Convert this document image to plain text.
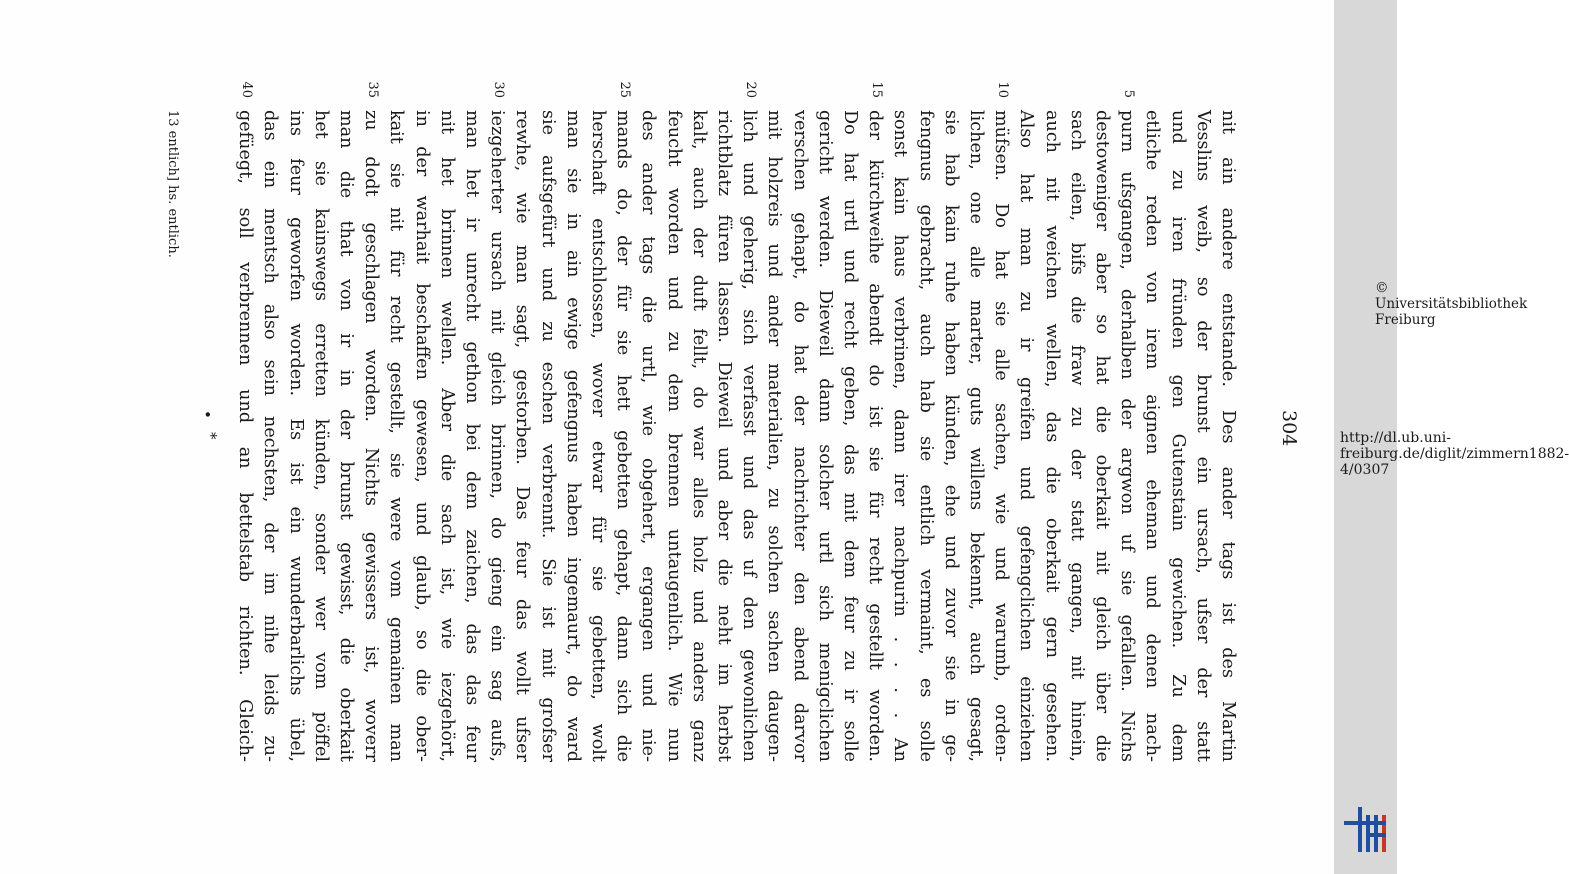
304
nit ain andere entstande. Des ander tags ist des Martin
Vesslins weib, so der brunst ein ursach, ufser der statt
und zu iren fründen gen Gutenstain gewichen. Zu dem
etliche reden von irem aignen eheman und denen nach-
purn ufsgangen, derhalben der argwon uf sie gefallen. Nichs
destoweniger aber so hat die oberkait nit gleich über die
sach eilen, bifs die fraw zu der statt gangen, nit hinein,
auch nit weichen wellen, das die oberkait gern gesehen.
Also hat man zu ir greifen und gefengclichen einziehen
müfsen. Do hat sie alle sachen, wie und warumb, orden-
lichen, one alle marter, guts willens bekennt, auch gesagt,
sie hab kain ruhe haben künden, ehe und zuvor sie in ge-
fengnus gebracht, auch hab sie entlich vermaint, es solle
sonst kain haus verbrinen, dann irer nachpurin . . . . An
der kürchweihe abendt do ist sie für recht gestellt worden.
Do hat urtl und recht geben, das mit dem feur zu ir solle
gericht werden. Dieweil dann solcher urtl sich menigclichen
verschen gehapt, do hat der nachrichter den abend darvor
mit holzreis und ander materialien, zu solchen sachen daugen-
lich und geherig, sich verfasst und das uf den gewonlichen
richtblatz füren lassen. Dieweil und aber die neht im herbst
kalt, auch der duft fellt, do war alles holz und anders ganz
feucht worden und zu dem brennen untaugenlich. Wie nun
des ander tags die urtl, wie obgehert, ergangen und nie-
mands do, der für sie hett gebetten gehapt, dann sich die
herschaft entschlossen, wover etwar für sie gebetten, wolt
man sie in ain ewige gefengnus haben ingemaurt, do ward
sie aufsgefürt und zu eschen verbrennt. Sie ist mit grofser
rewhe, wie man sagt, gestorben. Das feur das wollt ufser
iezgeherter ursach nit gleich brinnen, do gieng ein sag aufs,
man het ir unrecht gethon bei dem zaichen, das das feur
nit het brinnen wellen. Aber die sach ist, wie iezgehört,
in der warhait beschaffen gewesen, und glaub, so die ober-
kait sie nit für recht gestellt, sie were vom gemainen man
zu dodt geschlagen worden. Nichts gewissers ist, woverr
man die that von ir in der brunst gewisst, die oberkait
het sie kainswegs erretten künden, sonder wer vom pöffel
ins feur geworfen worden. Es ist ein wunderbarlichs übel,
das ein mentsch also sein nechsten, der im nihe leids zu-
gefüegt, soll verbrennen und an bettelstab richten. Gleich-
5
10
15
20
25
30
35
40
13 entlich] hs. entlich.
•
*	http://dl.ub.uni-freiburg.de/diglit/zimmern1882-4/0307
© Universitätsbibliothek Freiburg
